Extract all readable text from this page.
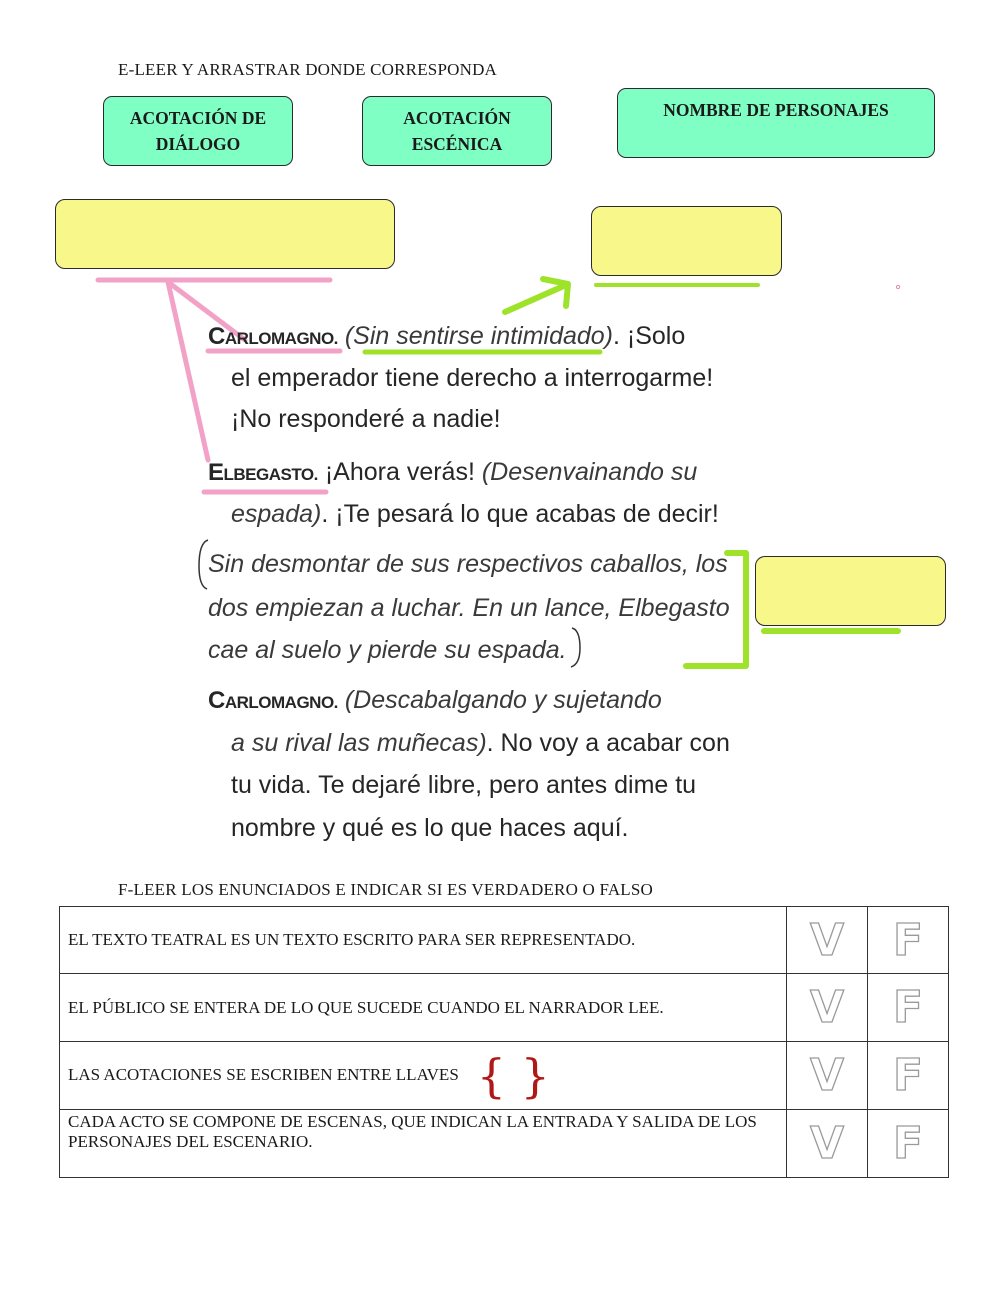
E-LEER Y ARRASTRAR DONDE CORRESPONDA
ACOTACIÓN DE
DIÁLOGO
ACOTACIÓN
ESCÉNICA
NOMBRE DE PERSONAJES
CARLOMAGNO. (Sin sentirse intimidado). ¡Solo
el emperador tiene derecho a interrogarme!
¡No responderé a nadie!
ELBEGASTO. ¡Ahora verás! (Desenvainando su
espada). ¡Te pesará lo que acabas de decir!
Sin desmontar de sus respectivos caballos, los
dos empiezan a luchar. En un lance, Elbegasto
cae al suelo y pierde su espada.
CARLOMAGNO. (Descabalgando y sujetando
a su rival las muñecas). No voy a acabar con
tu vida. Te dejaré libre, pero antes dime tu
nombre y qué es lo que haces aquí.
F-LEER LOS ENUNCIADOS E INDICAR SI ES VERDADERO O FALSO
EL TEXTO TEATRAL ES UN TEXTO ESCRITO PARA SER REPRESENTADO.	V	F
EL PÚBLICO SE ENTERA DE LO QUE SUCEDE CUANDO EL NARRADOR LEE.	V	F
LAS ACOTACIONES SE ESCRIBEN ENTRE LLAVES { }	V	F
CADA ACTO SE COMPONE DE ESCENAS, QUE INDICAN LA ENTRADA Y SALIDA DE LOS PERSONAJES DEL ESCENARIO.	V	F
